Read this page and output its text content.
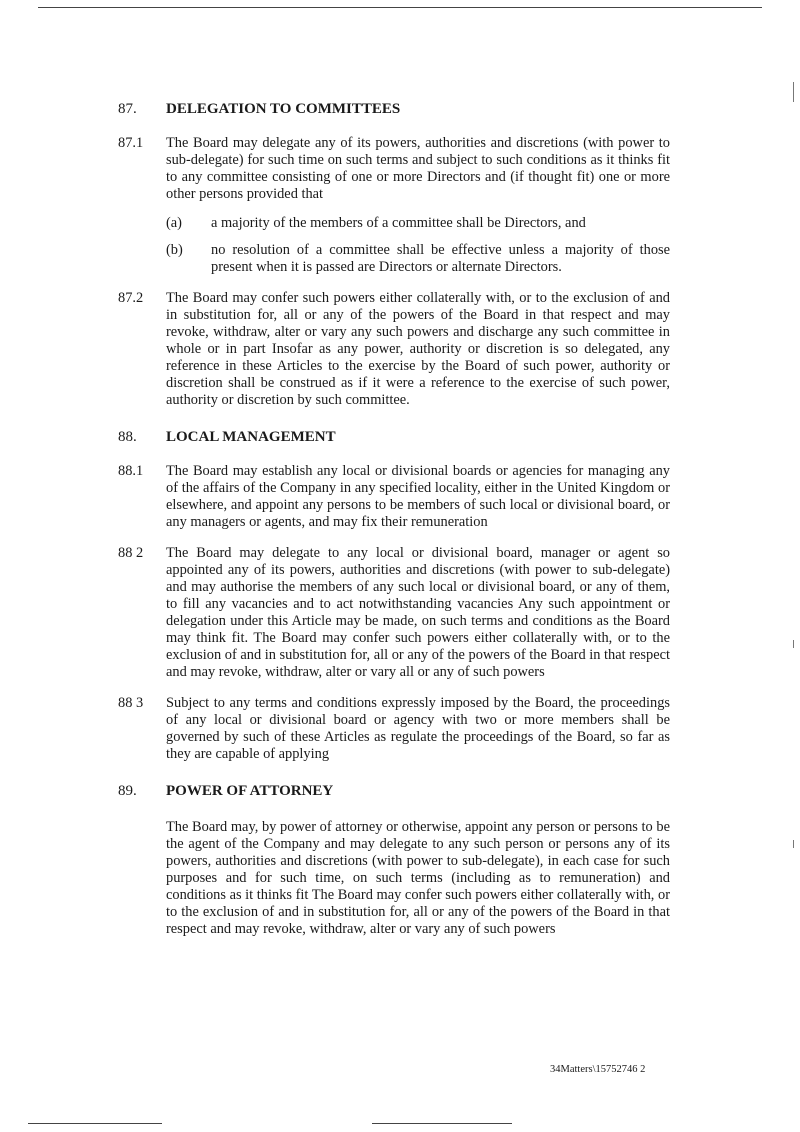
87. DELEGATION TO COMMITTEES
87.1 The Board may delegate any of its powers, authorities and discretions (with power to sub-delegate) for such time on such terms and subject to such conditions as it thinks fit to any committee consisting of one or more Directors and (if thought fit) one or more other persons provided that
(a) a majority of the members of a committee shall be Directors, and
(b) no resolution of a committee shall be effective unless a majority of those present when it is passed are Directors or alternate Directors.
87.2 The Board may confer such powers either collaterally with, or to the exclusion of and in substitution for, all or any of the powers of the Board in that respect and may revoke, withdraw, alter or vary any such powers and discharge any such committee in whole or in part Insofar as any power, authority or discretion is so delegated, any reference in these Articles to the exercise by the Board of such power, authority or discretion shall be construed as if it were a reference to the exercise of such power, authority or discretion by such committee.
88. LOCAL MANAGEMENT
88.1 The Board may establish any local or divisional boards or agencies for managing any of the affairs of the Company in any specified locality, either in the United Kingdom or elsewhere, and appoint any persons to be members of such local or divisional board, or any managers or agents, and may fix their remuneration
88 2 The Board may delegate to any local or divisional board, manager or agent so appointed any of its powers, authorities and discretions (with power to sub-delegate) and may authorise the members of any such local or divisional board, or any of them, to fill any vacancies and to act notwithstanding vacancies Any such appointment or delegation under this Article may be made, on such terms and conditions as the Board may think fit. The Board may confer such powers either collaterally with, or to the exclusion of and in substitution for, all or any of the powers of the Board in that respect and may revoke, withdraw, alter or vary all or any of such powers
88 3 Subject to any terms and conditions expressly imposed by the Board, the proceedings of any local or divisional board or agency with two or more members shall be governed by such of these Articles as regulate the proceedings of the Board, so far as they are capable of applying
89. POWER OF ATTORNEY
The Board may, by power of attorney or otherwise, appoint any person or persons to be the agent of the Company and may delegate to any such person or persons any of its powers, authorities and discretions (with power to sub-delegate), in each case for such purposes and for such time, on such terms (including as to remuneration) and conditions as it thinks fit The Board may confer such powers either collaterally with, or to the exclusion of and in substitution for, all or any of the powers of the Board in that respect and may revoke, withdraw, alter or vary any of such powers
34Matters\15752746 2
